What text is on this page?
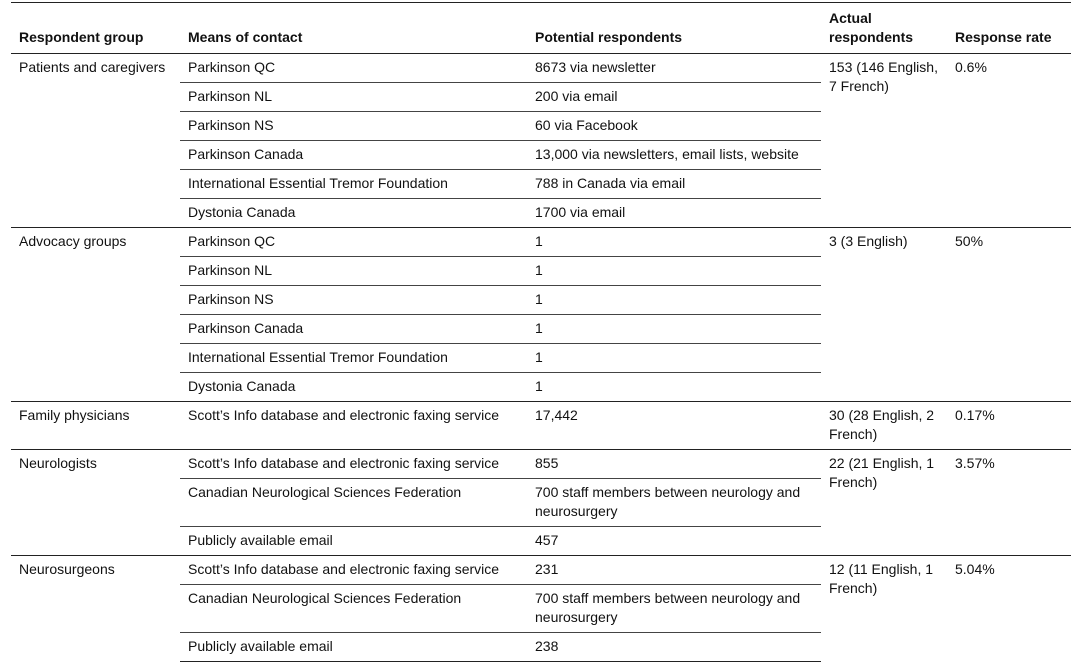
Respondent group	Means of contact	Potential respondents	Actual respondents	Response rate
Patients and caregivers	Parkinson QC	8673 via newsletter	153 (146 English, 7 French)	0.6%
	Parkinson NL	200 via email		
	Parkinson NS	60 via Facebook		
	Parkinson Canada	13,000 via newsletters, email lists, website		
	International Essential Tremor Foundation	788 in Canada via email		
	Dystonia Canada	1700 via email		
Advocacy groups	Parkinson QC	1	3 (3 English)	50%
	Parkinson NL	1		
	Parkinson NS	1		
	Parkinson Canada	1		
	International Essential Tremor Foundation	1		
	Dystonia Canada	1		
Family physicians	Scott’s Info database and electronic faxing service	17,442	30 (28 English, 2 French)	0.17%
Neurologists	Scott’s Info database and electronic faxing service	855	22 (21 English, 1 French)	3.57%
	Canadian Neurological Sciences Federation	700 staff members between neurology and neurosurgery		
	Publicly available email	457		
Neurosurgeons	Scott’s Info database and electronic faxing service	231	12 (11 English, 1 French)	5.04%
	Canadian Neurological Sciences Federation	700 staff members between neurology and neurosurgery		
	Publicly available email	238		
